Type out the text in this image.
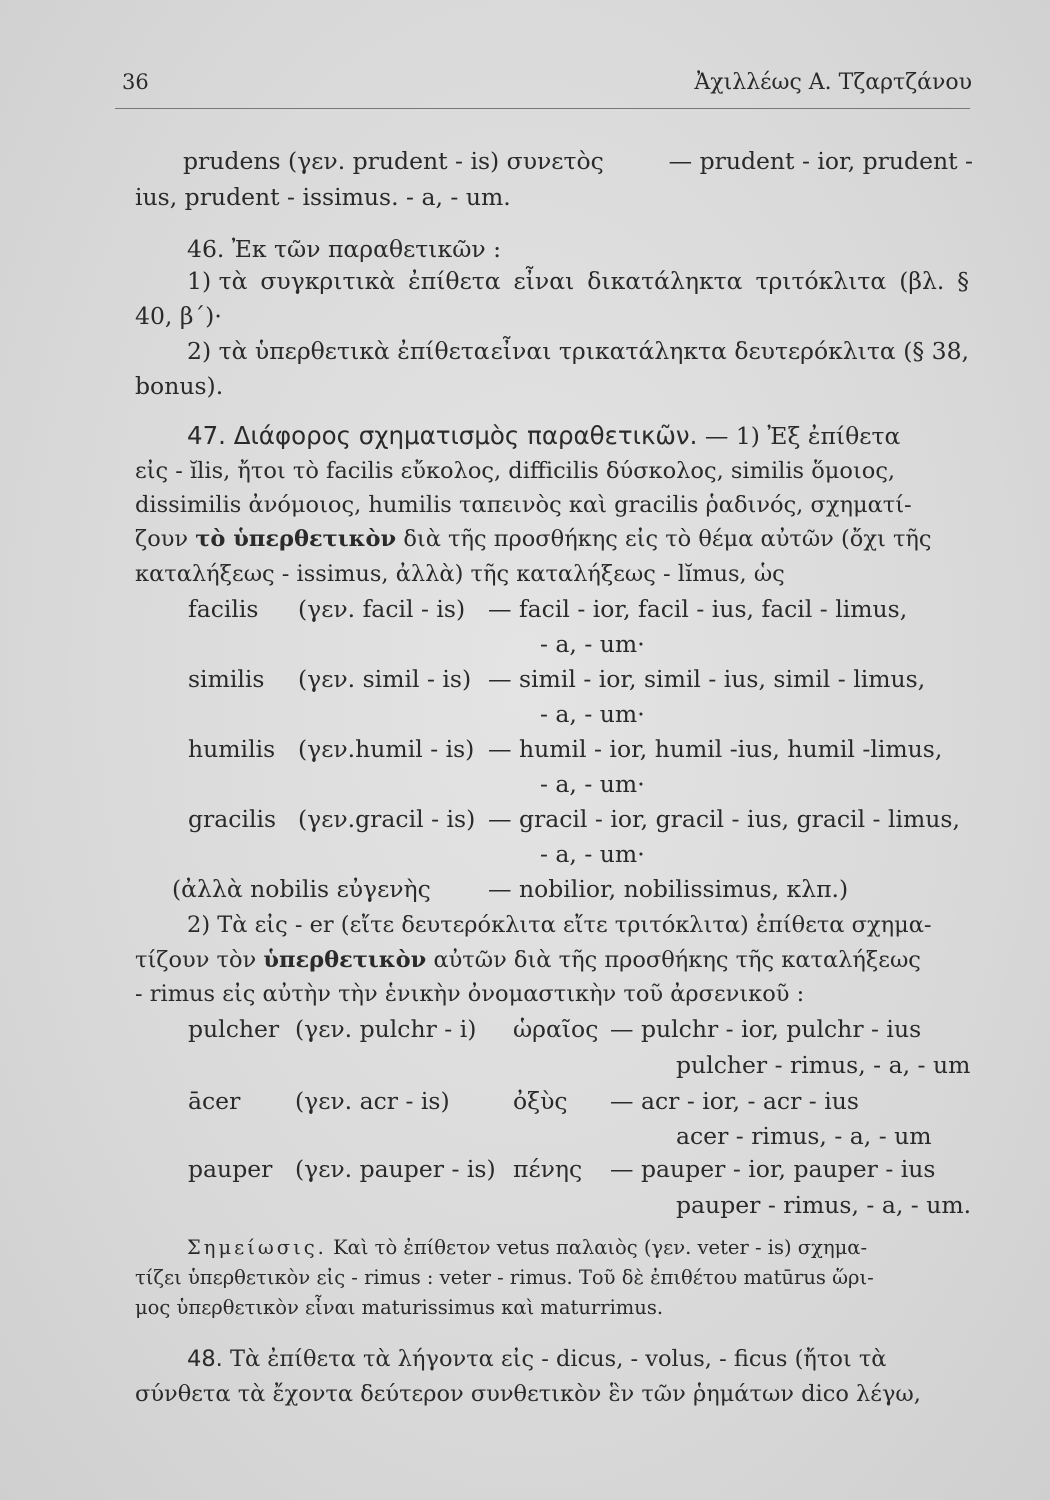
36	Ἀχιλλέως Α. Τζαρτζάνου
prudens (γεν. prudent - is) συνετὸς	— prudent - ior, prudent -
ius, prudent - issimus. - a, - um.
46. Ἐκ τῶν παραθετικῶν :
1) τὰ συγκριτικὰ ἐπίθετα εἶναι δικατάληκτα τριτόκλιτα (βλ. §
40, β΄)·
2) τὰ ὑπερθετικὰ ἐπίθετα εἶναι τρικατάληκτα δευτερόκλιτα (§ 38,
bonus).
47. Διάφορος σχηματισμὸς παραθετικῶν. — 1) Ἐξ ἐπίθετα
εἰς - ĭlis, ἤτοι τὸ facilis εὔκολος, difficilis δύσκολος, similis ὅμοιος,
dissimilis ἀνόμοιος, humilis ταπεινὸς καὶ gracilis ῥαδινός, σχηματί-
ζουν τὸ ὑπερθετικὸν διὰ τῆς προσθήκης εἰς τὸ θέμα αὐτῶν (ὄχι τῆς
καταλήξεως - issimus, ἀλλὰ) τῆς καταλήξεως - lĭmus, ὡς
facilis (γεν. facil - is) — facil - ior, facil - ius, facil - limus,
- a, - um·
similis (γεν. simil - is) — simil - ior, simil - ius, simil - limus,
- a, - um·
humilis (γεν.humil - is) — humil - ior, humil -ius, humil -limus,
- a, - um·
gracilis (γεν.gracil - is) — gracil - ior, gracil - ius, gracil - limus,
- a, - um·
(ἀλλὰ nobilis εὐγενὴς — nobilior, nobilissimus, κλπ.)
2) Τὰ εἰς - er (εἴτε δευτερόκλιτα εἴτε τριτόκλιτα) ἐπίθετα σχημα-
τίζουν τὸν ὑπερθετικὸν αὐτῶν διὰ τῆς προσθήκης τῆς καταλήξεως
- rimus εἰς αὐτὴν τὴν ἑνικὴν ὀνομαστικὴν τοῦ ἀρσενικοῦ :
pulcher (γεν. pulchr - i) ὡραῖος — pulchr - ior, pulchr - ius
pulcher - rimus, - a, - um
ācer (γεν. acr - is)	ὀξὺς — acr - ior, - acr - ius
acer - rimus, - a, - um
pauper (γεν. pauper - is) πένης — pauper - ior, pauper - ius
pauper - rimus, - a, - um.
Σημείωσις. Καὶ τὸ ἐπίθετον vetus παλαιὸς (γεν. veter - is) σχημα-
τίζει ὑπερθετικὸν εἰς - rimus : veter - rimus. Τοῦ δὲ ἐπιθέτου matūrus ὥρι-
μος ὑπερθετικὸν εἶναι maturissimus καὶ maturrimus.
48. Τὰ ἐπίθετα τὰ λήγοντα εἰς - dicus, - volus, - ficus (ἤτοι τὰ
σύνθετα τὰ ἔχοντα δεύτερον συνθετικὸν ἓν τῶν ῥημάτων dico λέγω,
